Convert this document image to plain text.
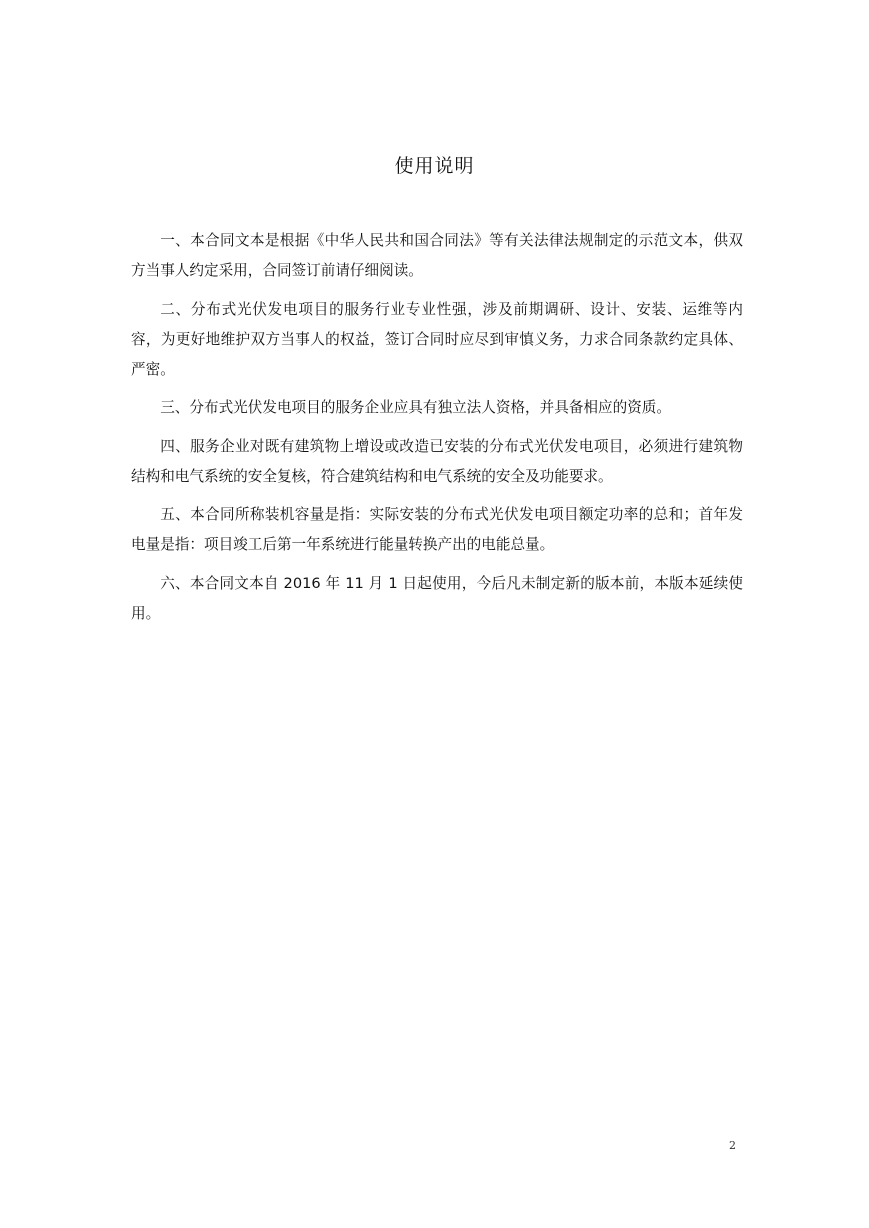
使用说明

一、本合同文本是根据《中华人民共和国合同法》等有关法律法规制定的示范文本，供双方当事人约定采用，合同签订前请仔细阅读。

二、分布式光伏发电项目的服务行业专业性强，涉及前期调研、设计、安装、运维等内容，为更好地维护双方当事人的权益，签订合同时应尽到审慎义务，力求合同条款约定具体、严密。

三、分布式光伏发电项目的服务企业应具有独立法人资格，并具备相应的资质。

四、服务企业对既有建筑物上增设或改造已安装的分布式光伏发电项目，必须进行建筑物结构和电气系统的安全复核，符合建筑结构和电气系统的安全及功能要求。

五、本合同所称装机容量是指：实际安装的分布式光伏发电项目额定功率的总和；首年发电量是指：项目竣工后第一年系统进行能量转换产出的电能总量。

六、本合同文本自 2016 年 11 月 1 日起使用，今后凡未制定新的版本前，本版本延续使用。

2
